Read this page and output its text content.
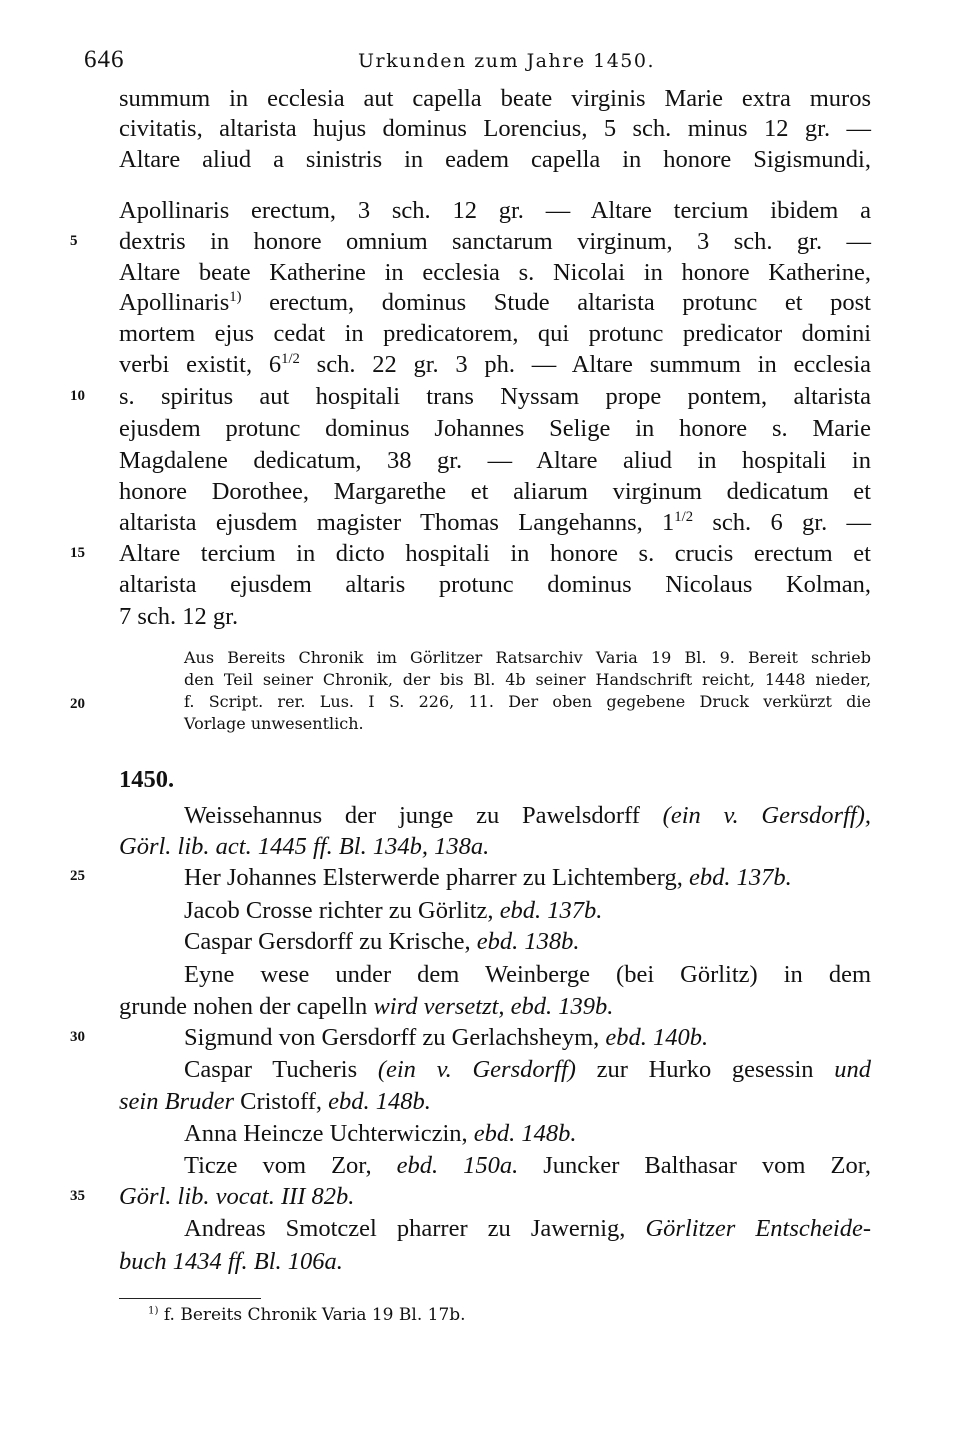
646	Urkunden zum Jahre 1450.
summum in ecclesia aut capella beate virginis Marie extra muros
civitatis, altarista hujus dominus Lorencius, 5 sch. minus 12 gr. —
Altare aliud a sinistris in eadem capella in honore Sigismundi,
Apollinaris erectum, 3 sch. 12 gr. — Altare tercium ibidem a
5 dextris in honore omnium sanctarum virginum, 3 sch. gr. —
Altare beate Katherine in ecclesia s. Nicolai in honore Katherine,
Apollinaris$^{1)}$ erectum, dominus Stude altarista protunc et post
mortem ejus cedat in predicatorem, qui protunc predicator domini
verbi existit, $6^{1/2}$ sch. 22 gr. 3 ph. — Altare summum in ecclesia
10 s. spiritus aut hospitali trans Nyssam prope pontem, altarista
ejusdem protunc dominus Johannes Selige in honore s. Marie
Magdalene dedicatum, 38 gr. — Altare aliud in hospitali in
honore Dorothee, Margarethe et aliarum virginum dedicatum et
altarista ejusdem magister Thomas Langehanns, $1^{1/2}$ sch. 6 gr. —
15 Altare tercium in dicto hospitali in honore s. crucis erectum et
altarista ejusdem altaris protunc dominus Nicolaus Kolman,
7 sch. 12 gr.
Aus Bereits Chronik im Görlitzer Ratsarchiv Varia 19 Bl. 9. Bereit schrieb
den Teil seiner Chronik, der bis Bl. 4b seiner Handschrift reicht, 1448 nieder,
20	f. Script. rer. Lus. I S. 226, 11. Der oben gegebene Druck verkürzt die
Vorlage unwesentlich.
1450.
Weissehannus der junge zu Pawelsdorff (ein v. Gersdorff),
Görl. lib. act. 1445 ff. Bl. 134b, 138a.
25	Her Johannes Elsterwerde pharrer zu Lichtemberg, ebd. 137b.
Jacob Crosse richter zu Görlitz, ebd. 137b.
Caspar Gersdorff zu Krische, ebd. 138b.
Eyne wese under dem Weinberge (bei Görlitz) in dem
grunde nohen der capelln wird versetzt, ebd. 139b.
30	Sigmund von Gersdorff zu Gerlachsheym, ebd. 140b.
Caspar Tucheris (ein v. Gersdorff) zur Hurko gesessin und
sein Bruder Cristoff, ebd. 148b.
Anna Heincze Uchterwiczin, ebd. 148b.
Ticze vom Zor, ebd. 150a. Juncker Balthasar vom Zor,
35 Görl. lib. vocat. III 82b.
Andreas Smotczel pharrer zu Jawernig, Görlitzer Entscheide-
buch 1434 ff. Bl. 106a.
$^{1)}$ f. Bereits Chronik Varia 19 Bl. 17b.
